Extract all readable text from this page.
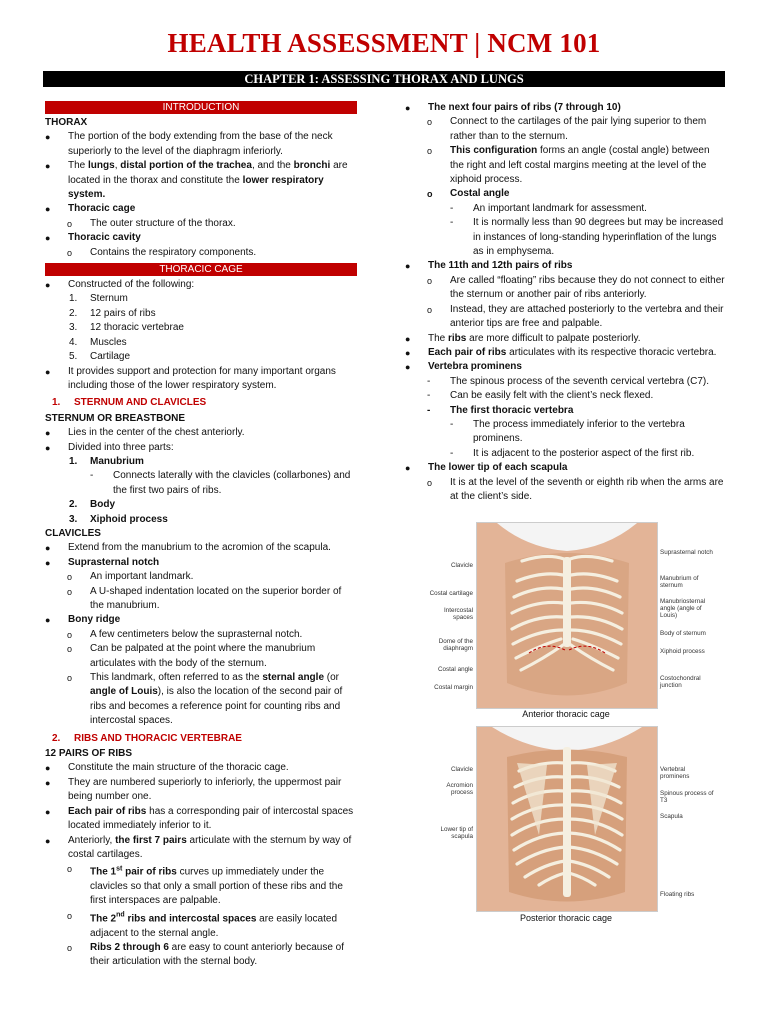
HEALTH ASSESSMENT | NCM 101
CHAPTER 1: ASSESSING THORAX AND LUNGS
INTRODUCTION
THORAX
● The portion of the body extending from the base of the neck superiorly to the level of the diaphragm inferiorly.
● The lungs, distal portion of the trachea, and the bronchi are located in the thorax and constitute the lower respiratory system.
● Thoracic cage
o The outer structure of the thorax.
● Thoracic cavity
o Contains the respiratory components.
THORACIC CAGE
● Constructed of the following:
1. Sternum
2. 12 pairs of ribs
3. 12 thoracic vertebrae
4. Muscles
5. Cartilage
● It provides support and protection for many important organs including those of the lower respiratory system.
1. STERNUM AND CLAVICLES
STERNUM OR BREASTBONE
● Lies in the center of the chest anteriorly.
● Divided into three parts:
1. Manubrium
- Connects laterally with the clavicles (collarbones) and the first two pairs of ribs.
2. Body
3. Xiphoid process
CLAVICLES
● Extend from the manubrium to the acromion of the scapula.
● Suprasternal notch
o An important landmark.
o A U-shaped indentation located on the superior border of the manubrium.
● Bony ridge
o A few centimeters below the suprasternal notch.
o Can be palpated at the point where the manubrium articulates with the body of the sternum.
o This landmark, often referred to as the sternal angle (or angle of Louis), is also the location of the second pair of ribs and becomes a reference point for counting ribs and intercostal spaces.
2. RIBS AND THORACIC VERTEBRAE
12 PAIRS OF RIBS
● Constitute the main structure of the thoracic cage.
● They are numbered superiorly to inferiorly, the uppermost pair being number one.
● Each pair of ribs has a corresponding pair of intercostal spaces located immediately inferior to it.
● Anteriorly, the first 7 pairs articulate with the sternum by way of costal cartilages.
o The 1st pair of ribs curves up immediately under the clavicles so that only a small portion of these ribs and the first interspaces are palpable.
o The 2nd ribs and intercostal spaces are easily located adjacent to the sternal angle.
o Ribs 2 through 6 are easy to count anteriorly because of their articulation with the sternal body.
● The next four pairs of ribs (7 through 10)
o Connect to the cartilages of the pair lying superior to them rather than to the sternum.
o This configuration forms an angle (costal angle) between the right and left costal margins meeting at the level of the xiphoid process.
o Costal angle
- An important landmark for assessment.
- It is normally less than 90 degrees but may be increased in instances of long-standing hyperinflation of the lungs as in emphysema.
● The 11th and 12th pairs of ribs
o Are called “floating” ribs because they do not connect to either the sternum or another pair of ribs anteriorly.
o Instead, they are attached posteriorly to the vertebra and their anterior tips are free and palpable.
● The ribs are more difficult to palpate posteriorly.
● Each pair of ribs articulates with its respective thoracic vertebra.
● Vertebra prominens
- The spinous process of the seventh cervical vertebra (C7).
- Can be easily felt with the client’s neck flexed.
- The first thoracic vertebra
- The process immediately inferior to the vertebra prominens.
- It is adjacent to the posterior aspect of the first rib.
● The lower tip of each scapula
o It is at the level of the seventh or eighth rib when the arms are at the client’s side.
Clavicle
Costal cartilage
Intercostal spaces
Dome of the diaphragm
Costal angle
Costal margin
Suprasternal notch
Manubrium of sternum
Manubriosternal angle (angle of Louis)
Body of sternum
Xiphoid process
Costochondral junction
Anterior thoracic cage
Clavicle
Acromion process
Lower tip of scapula
Vertebral prominens
Spinous process of T3
Scapula
Floating ribs
Posterior thoracic cage
